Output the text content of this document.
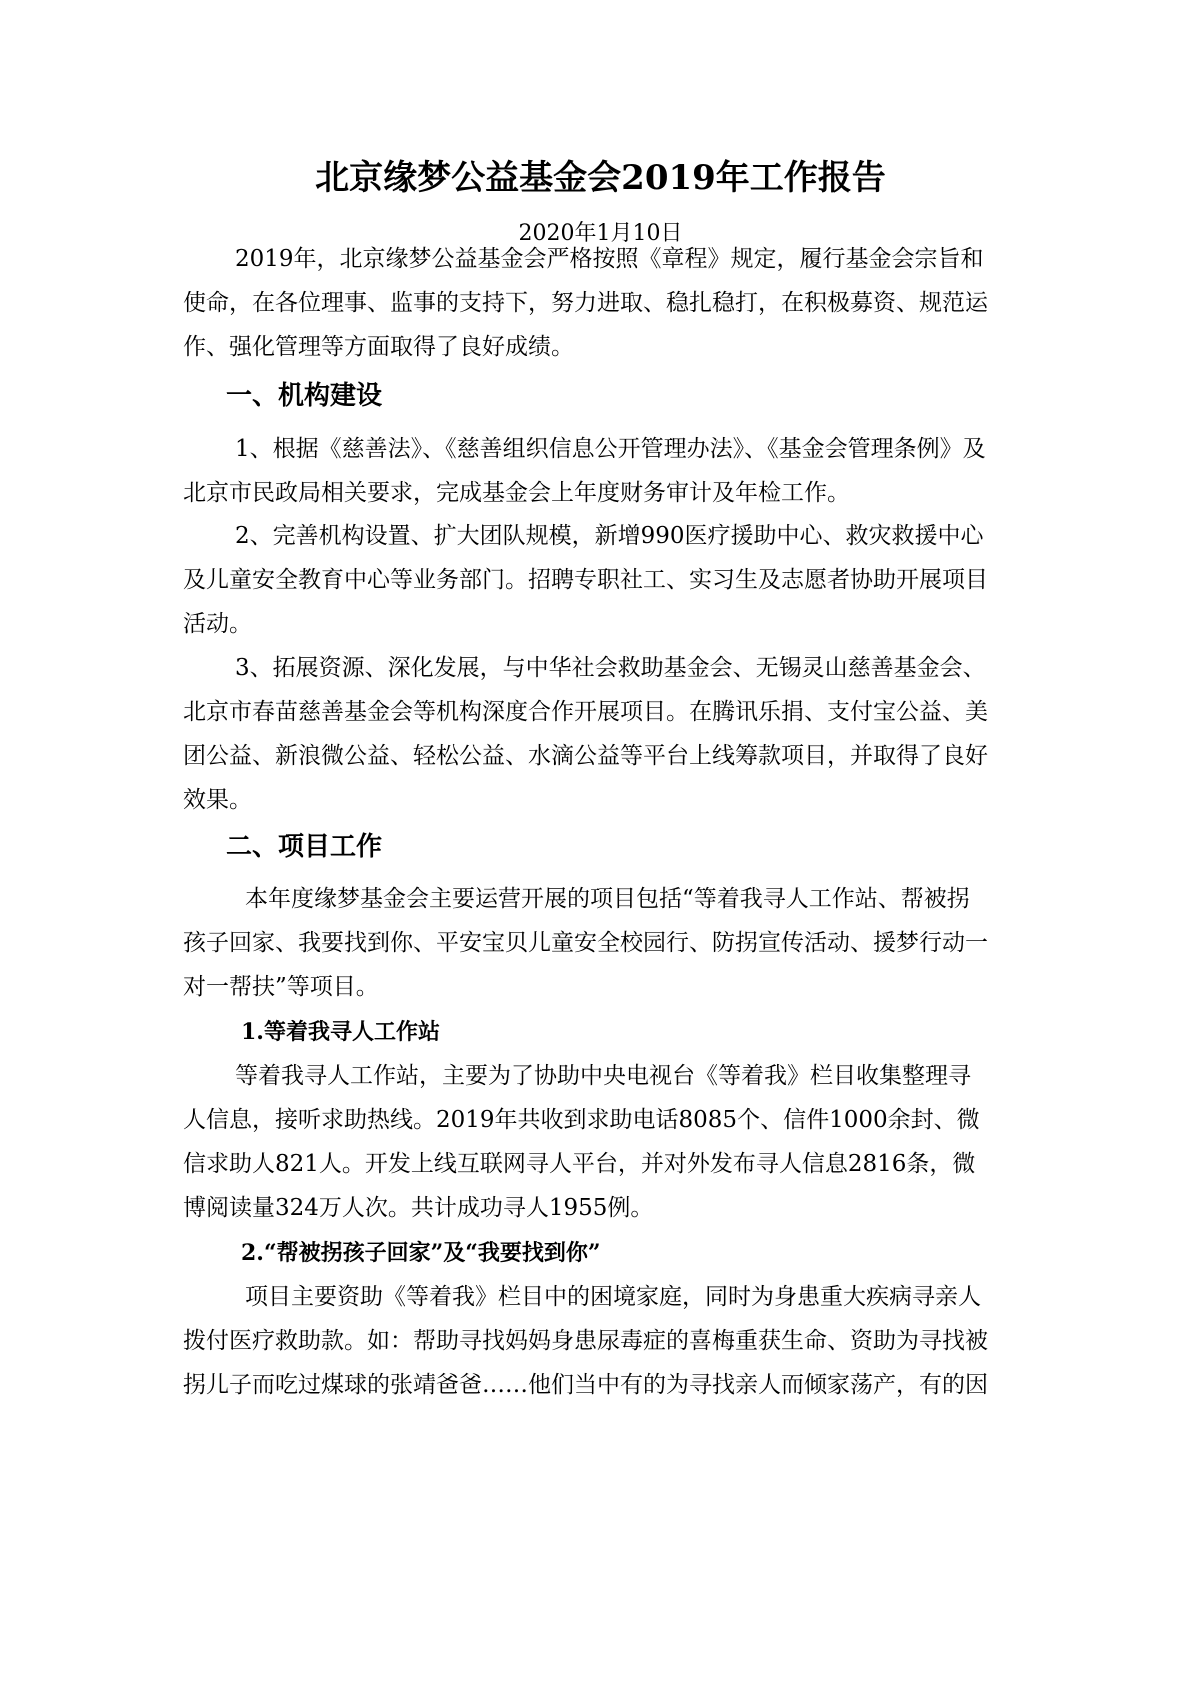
北京缘梦公益基金会2019年工作报告
2020年1月10日
2019年，北京缘梦公益基金会严格按照《章程》规定，履行基金会宗旨和
使命，在各位理事、监事的支持下，努力进取、稳扎稳打，在积极募资、规范运
作、强化管理等方面取得了良好成绩。
一、机构建设
1、根据《慈善法》、《慈善组织信息公开管理办法》、《基金会管理条例》及
北京市民政局相关要求，完成基金会上年度财务审计及年检工作。
2、完善机构设置、扩大团队规模，新增990医疗援助中心、救灾救援中心
及儿童安全教育中心等业务部门。招聘专职社工、实习生及志愿者协助开展项目
活动。
3、拓展资源、深化发展，与中华社会救助基金会、无锡灵山慈善基金会、
北京市春苗慈善基金会等机构深度合作开展项目。在腾讯乐捐、支付宝公益、美
团公益、新浪微公益、轻松公益、水滴公益等平台上线筹款项目，并取得了良好
效果。
二、项目工作
本年度缘梦基金会主要运营开展的项目包括“等着我寻人工作站、帮被拐
孩子回家、我要找到你、平安宝贝儿童安全校园行、防拐宣传活动、援梦行动一
对一帮扶”等项目。
1.等着我寻人工作站
等着我寻人工作站，主要为了协助中央电视台《等着我》栏目收集整理寻
人信息，接听求助热线。2019年共收到求助电话8085个、信件1000余封、微
信求助人821人。开发上线互联网寻人平台，并对外发布寻人信息2816条，微
博阅读量324万人次。共计成功寻人1955例。
2.“帮被拐孩子回家”及“我要找到你”
项目主要资助《等着我》栏目中的困境家庭，同时为身患重大疾病寻亲人
拨付医疗救助款。如：帮助寻找妈妈身患尿毒症的喜梅重获生命、资助为寻找被
拐儿子而吃过煤球的张靖爸爸……他们当中有的为寻找亲人而倾家荡产，有的因
